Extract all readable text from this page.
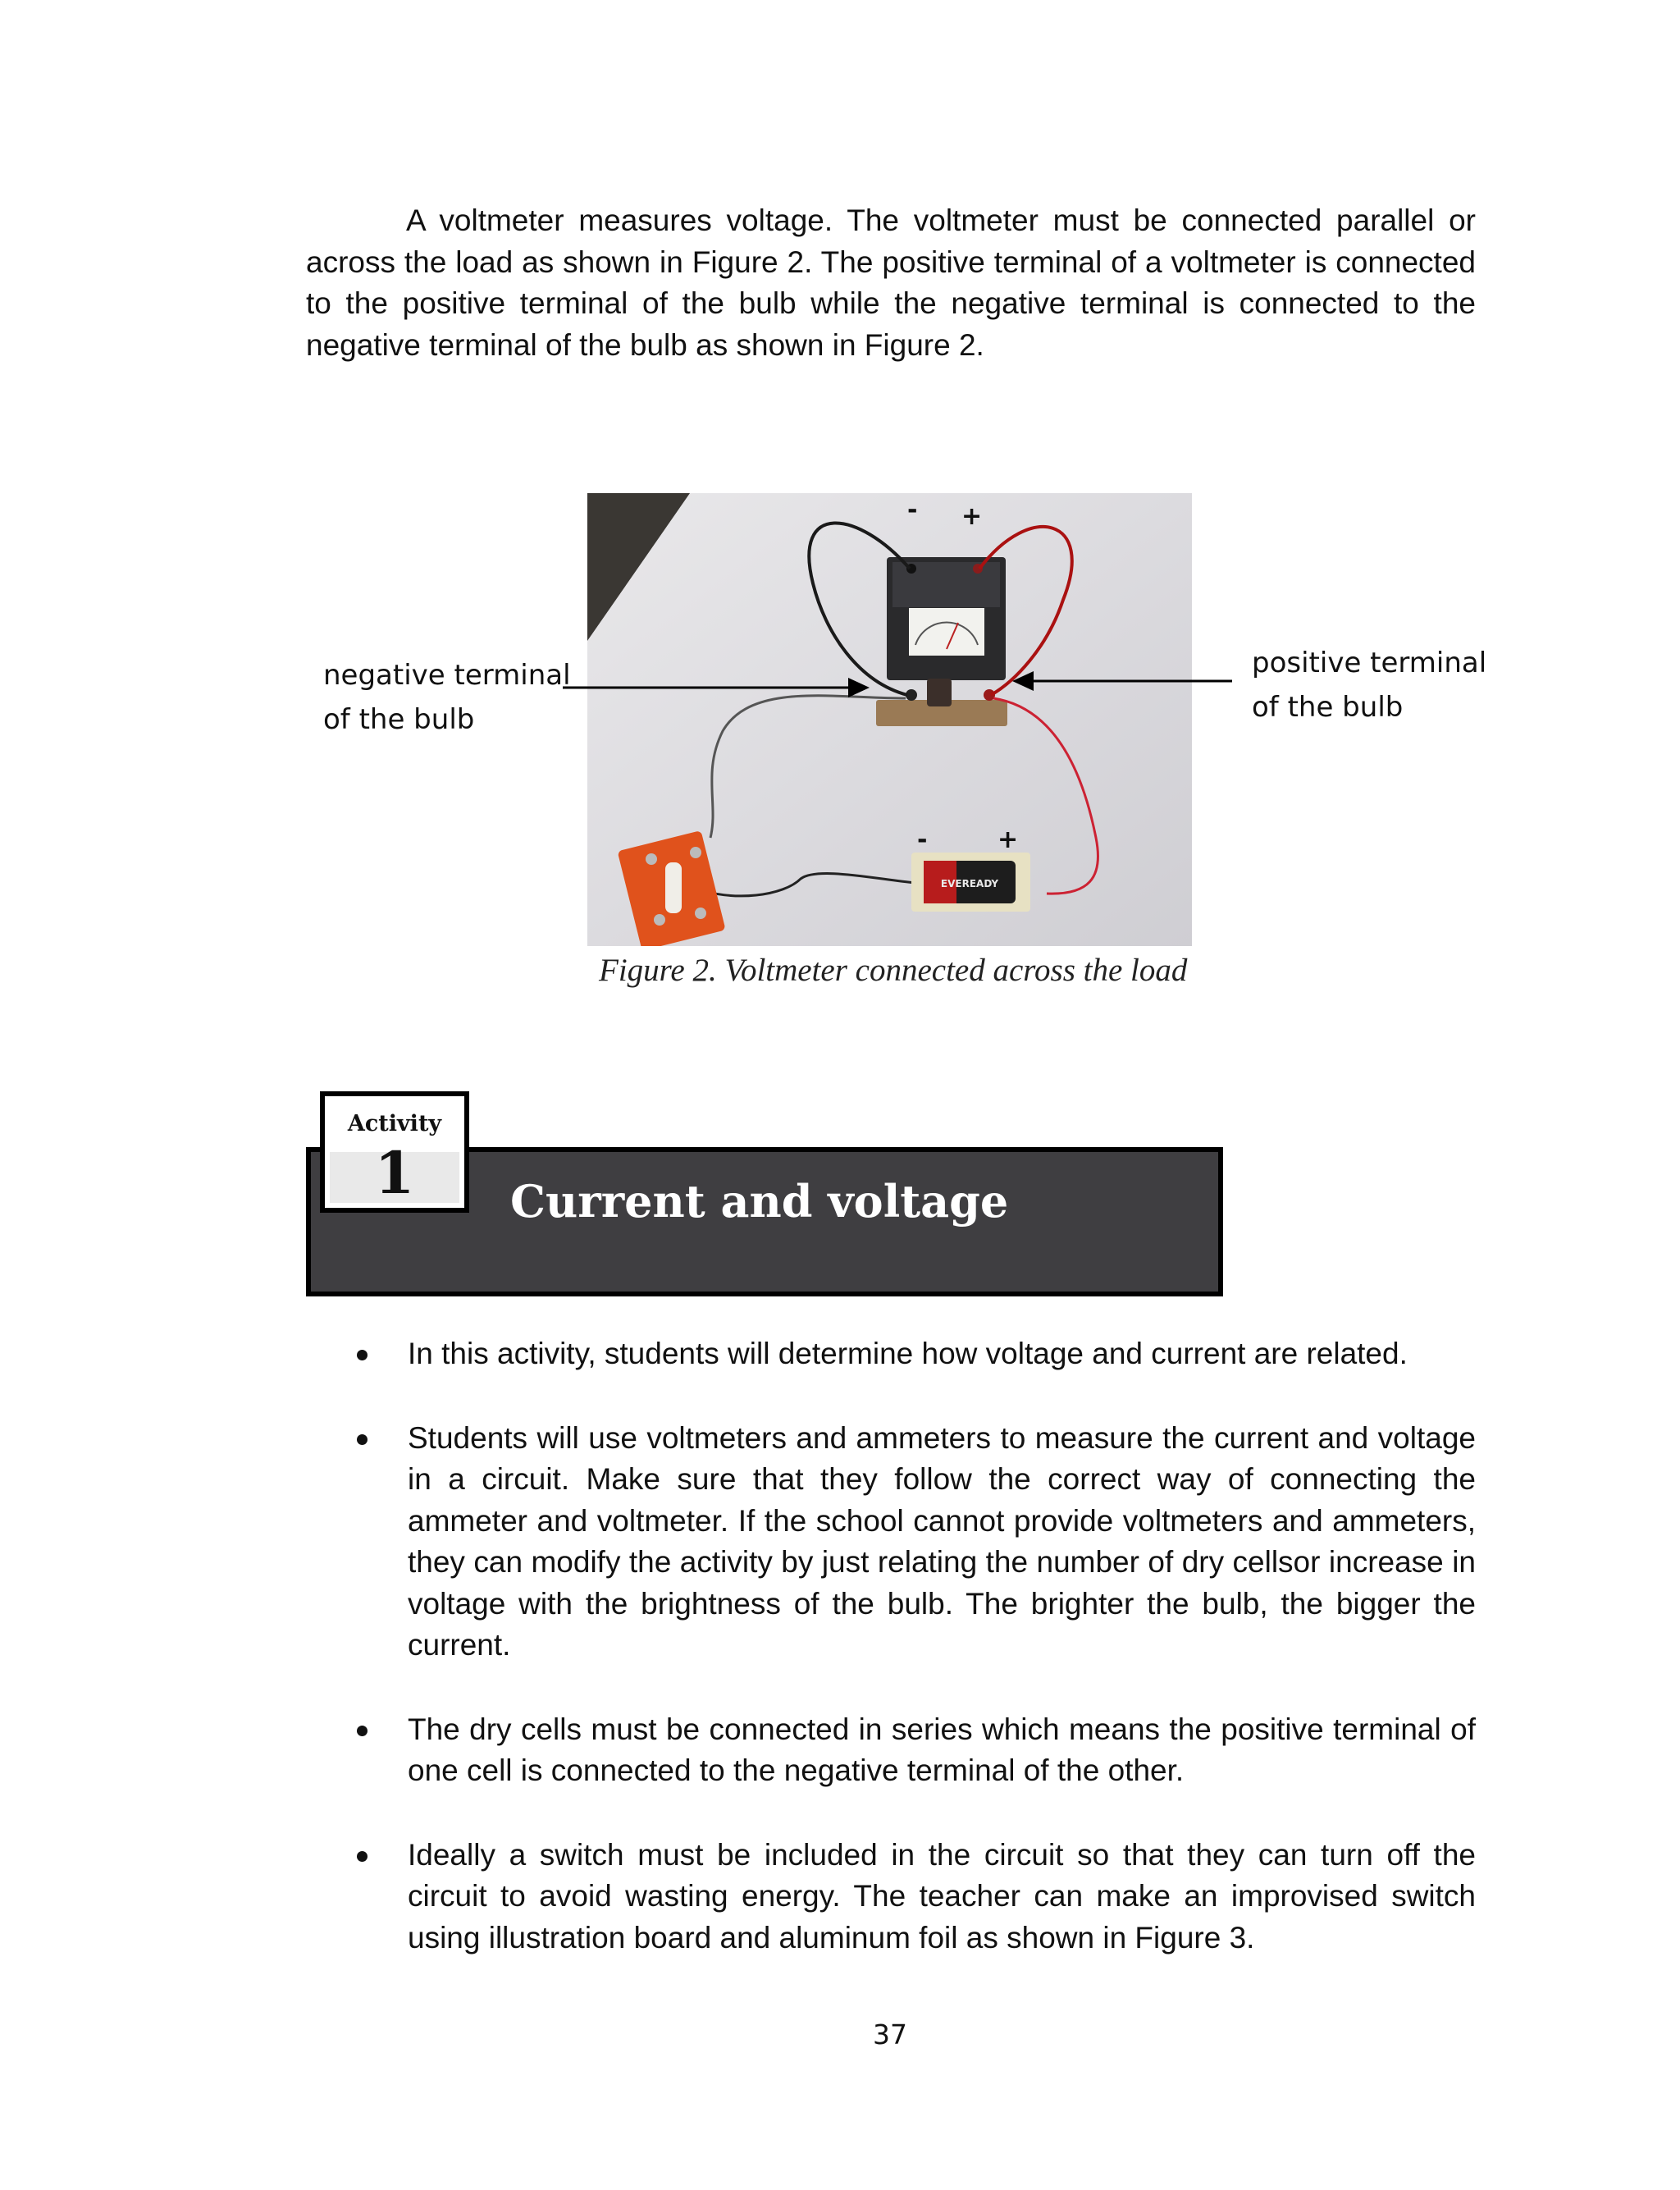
A voltmeter measures voltage. The voltmeter must be connected parallel or across the load as shown in Figure 2. The positive terminal of a voltmeter is connected to the positive terminal of the bulb while the negative terminal is connected to the negative terminal of the bulb as shown in Figure 2.

- +
EVEREADY
-	+
negative terminal
of the bulb
positive terminal
of the bulb
Figure 2. Voltmeter connected across the load
Current and voltage
Activity
1
In this activity, students will determine how voltage and current are related.
Students will use voltmeters and ammeters to measure the current and voltage in a circuit. Make sure that they follow the correct way of connecting the ammeter and voltmeter. If the school cannot provide voltmeters and ammeters, they can modify the activity by just relating the number of dry cellsor increase in voltage with the brightness of the bulb. The brighter the bulb, the bigger the current.
The dry cells must be connected in series which means the positive terminal of one cell is connected to the negative terminal of the other.
Ideally a switch must be included in the circuit so that they can turn off the circuit to avoid wasting energy. The teacher can make an improvised switch using illustration board and aluminum foil as shown in Figure 3.
37
